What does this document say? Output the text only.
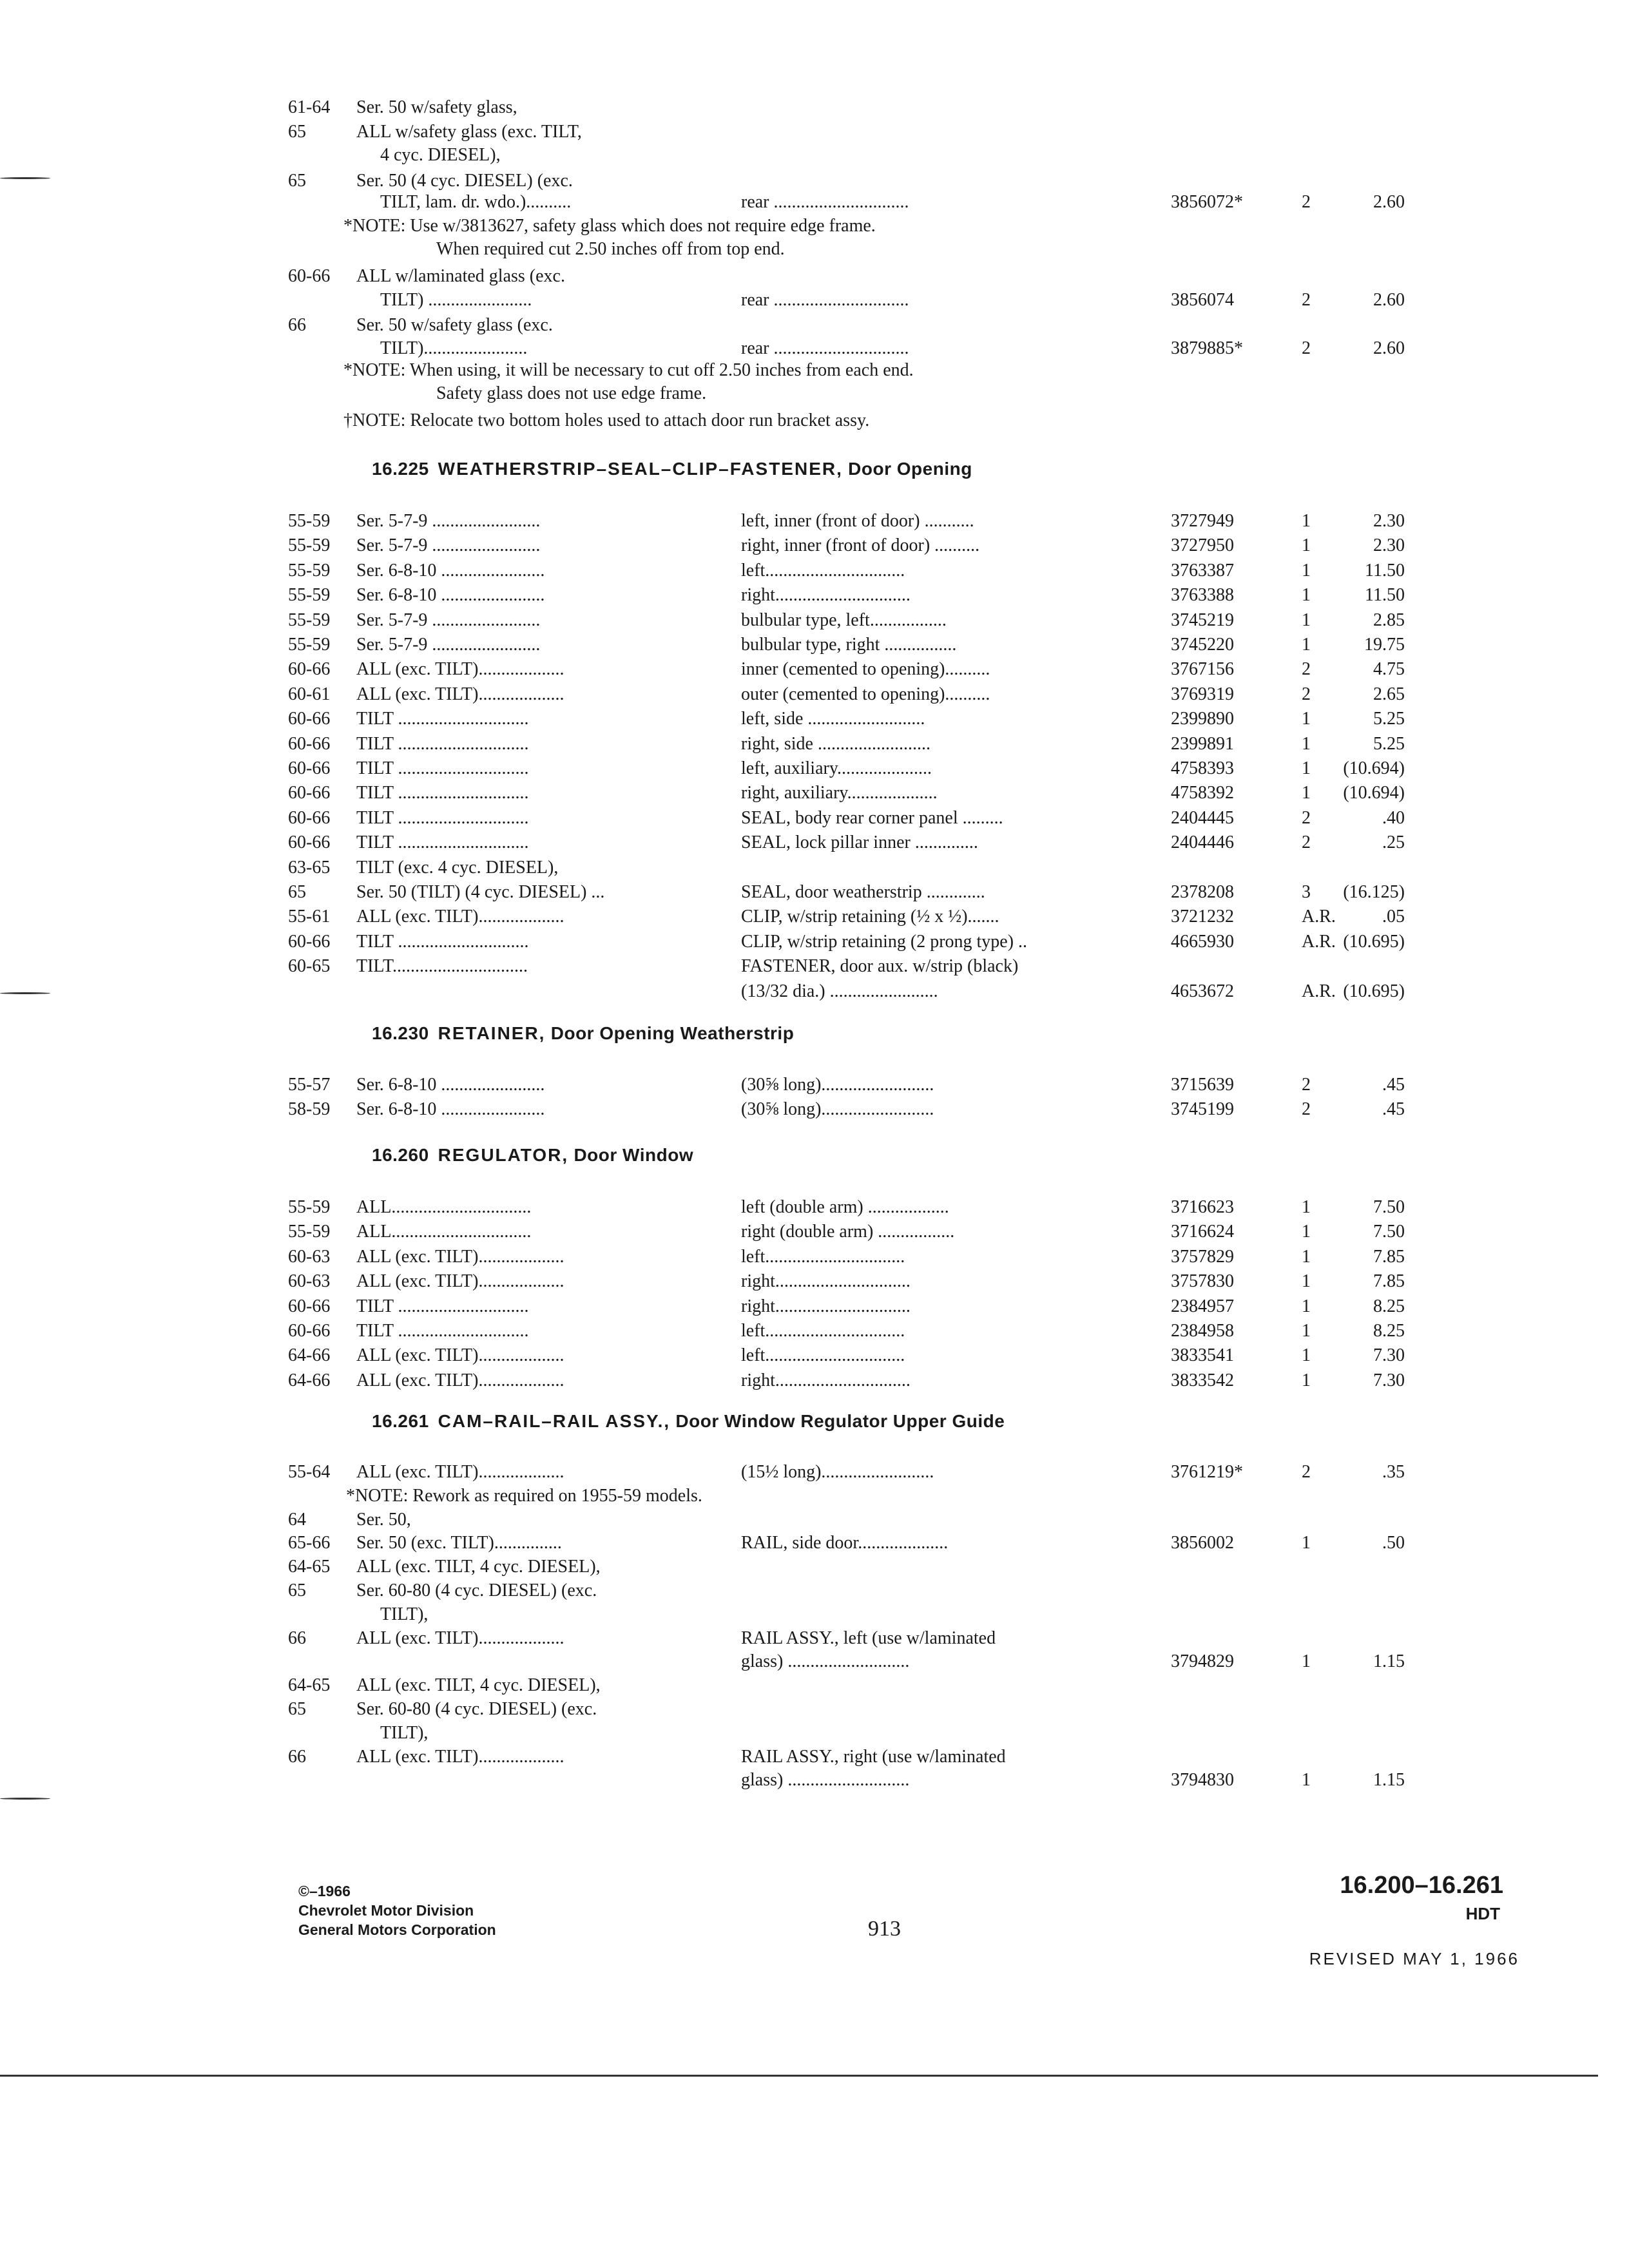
61-64 Ser. 50 w/safety glass,
65	ALL w/safety glass (exc. TILT,
4 cyc. DIESEL),
65	Ser. 50 (4 cyc. DIESEL) (exc.
TILT, lam. dr. wdo.)..........	rear ..............................	3856072*	2	2.60
*NOTE: Use w/3813627, safety glass which does not require edge frame.
When required cut 2.50 inches off from top end.
60-66 ALL w/laminated glass (exc.
TILT) .......................	rear ..............................	3856074	2	2.60
66	Ser. 50 w/safety glass (exc.
TILT).......................	rear ..............................	3879885*	2	2.60
*NOTE: When using, it will be necessary to cut off 2.50 inches from each end.
Safety glass does not use edge frame.
†NOTE: Relocate two bottom holes used to attach door run bracket assy.
16.225 WEATHERSTRIP–SEAL–CLIP–FASTENER, Door Opening
55-59 Ser. 5-7-9 ........................	left, inner (front of door) ...........	3727949	1	2.30
55-59 Ser. 5-7-9 ........................	right, inner (front of door) ..........	3727950	1	2.30
55-59 Ser. 6-8-10 .......................	left...............................	3763387	1	11.50
55-59 Ser. 6-8-10 .......................	right..............................	3763388	1	11.50
55-59 Ser. 5-7-9 ........................	bulbular type, left.................	3745219	1	2.85
55-59 Ser. 5-7-9 ........................	bulbular type, right ................	3745220	1	19.75
60-66 ALL (exc. TILT)...................	inner (cemented to opening)..........	3767156	2	4.75
60-61 ALL (exc. TILT)...................	outer (cemented to opening)..........	3769319	2	2.65
60-66 TILT .............................	left, side ..........................	2399890	1	5.25
60-66 TILT .............................	right, side .........................	2399891	1	5.25
60-66 TILT .............................	left, auxiliary.....................	4758393	1 (10.694)
60-66 TILT .............................	right, auxiliary....................	4758392	1 (10.694)
60-66 TILT .............................	SEAL, body rear corner panel .........	2404445	2	.40
60-66 TILT .............................	SEAL, lock pillar inner ..............	2404446	2	.25
63-65 TILT (exc. 4 cyc. DIESEL),
65	Ser. 50 (TILT) (4 cyc. DIESEL) ...	SEAL, door weatherstrip .............	2378208	3 (16.125)
55-61 ALL (exc. TILT)...................	CLIP, w/strip retaining (½ x ½).......	3721232	A.R.	.05
60-66 TILT .............................	CLIP, w/strip retaining (2 prong type) ..	4665930	A.R. (10.695)
60-65 TILT..............................	FASTENER, door aux. w/strip (black)
(13/32 dia.) ........................	4653672	A.R. (10.695)
16.230 RETAINER, Door Opening Weatherstrip
55-57 Ser. 6-8-10 .......................	(30⅝ long).........................	3715639	2	.45
58-59 Ser. 6-8-10 .......................	(30⅝ long).........................	3745199	2	.45
16.260 REGULATOR, Door Window
55-59 ALL...............................	left (double arm) ..................	3716623	1	7.50
55-59 ALL...............................	right (double arm) .................	3716624	1	7.50
60-63 ALL (exc. TILT)...................	left...............................	3757829	1	7.85
60-63 ALL (exc. TILT)...................	right..............................	3757830	1	7.85
60-66 TILT .............................	right..............................	2384957	1	8.25
60-66 TILT .............................	left...............................	2384958	1	8.25
64-66 ALL (exc. TILT)...................	left...............................	3833541	1	7.30
64-66 ALL (exc. TILT)...................	right..............................	3833542	1	7.30
16.261 CAM–RAIL–RAIL ASSY., Door Window Regulator Upper Guide
55-64 ALL (exc. TILT)...................	(15½ long).........................	3761219*	2	.35
*NOTE: Rework as required on 1955-59 models.
64	Ser. 50,
65-66 Ser. 50 (exc. TILT)...............	RAIL, side door....................	3856002	1	.50
64-65 ALL (exc. TILT, 4 cyc. DIESEL),
65	Ser. 60-80 (4 cyc. DIESEL) (exc.
TILT),
66	ALL (exc. TILT)...................	RAIL ASSY., left (use w/laminated
glass) ...........................	3794829	1	1.15
64-65 ALL (exc. TILT, 4 cyc. DIESEL),
65	Ser. 60-80 (4 cyc. DIESEL) (exc.
TILT),
66	ALL (exc. TILT)...................	RAIL ASSY., right (use w/laminated
glass) ...........................	3794830	1	1.15
©–1966
Chevrolet Motor Division
General Motors Corporation	913
16.200–16.261
HDT
REVISED MAY 1, 1966
